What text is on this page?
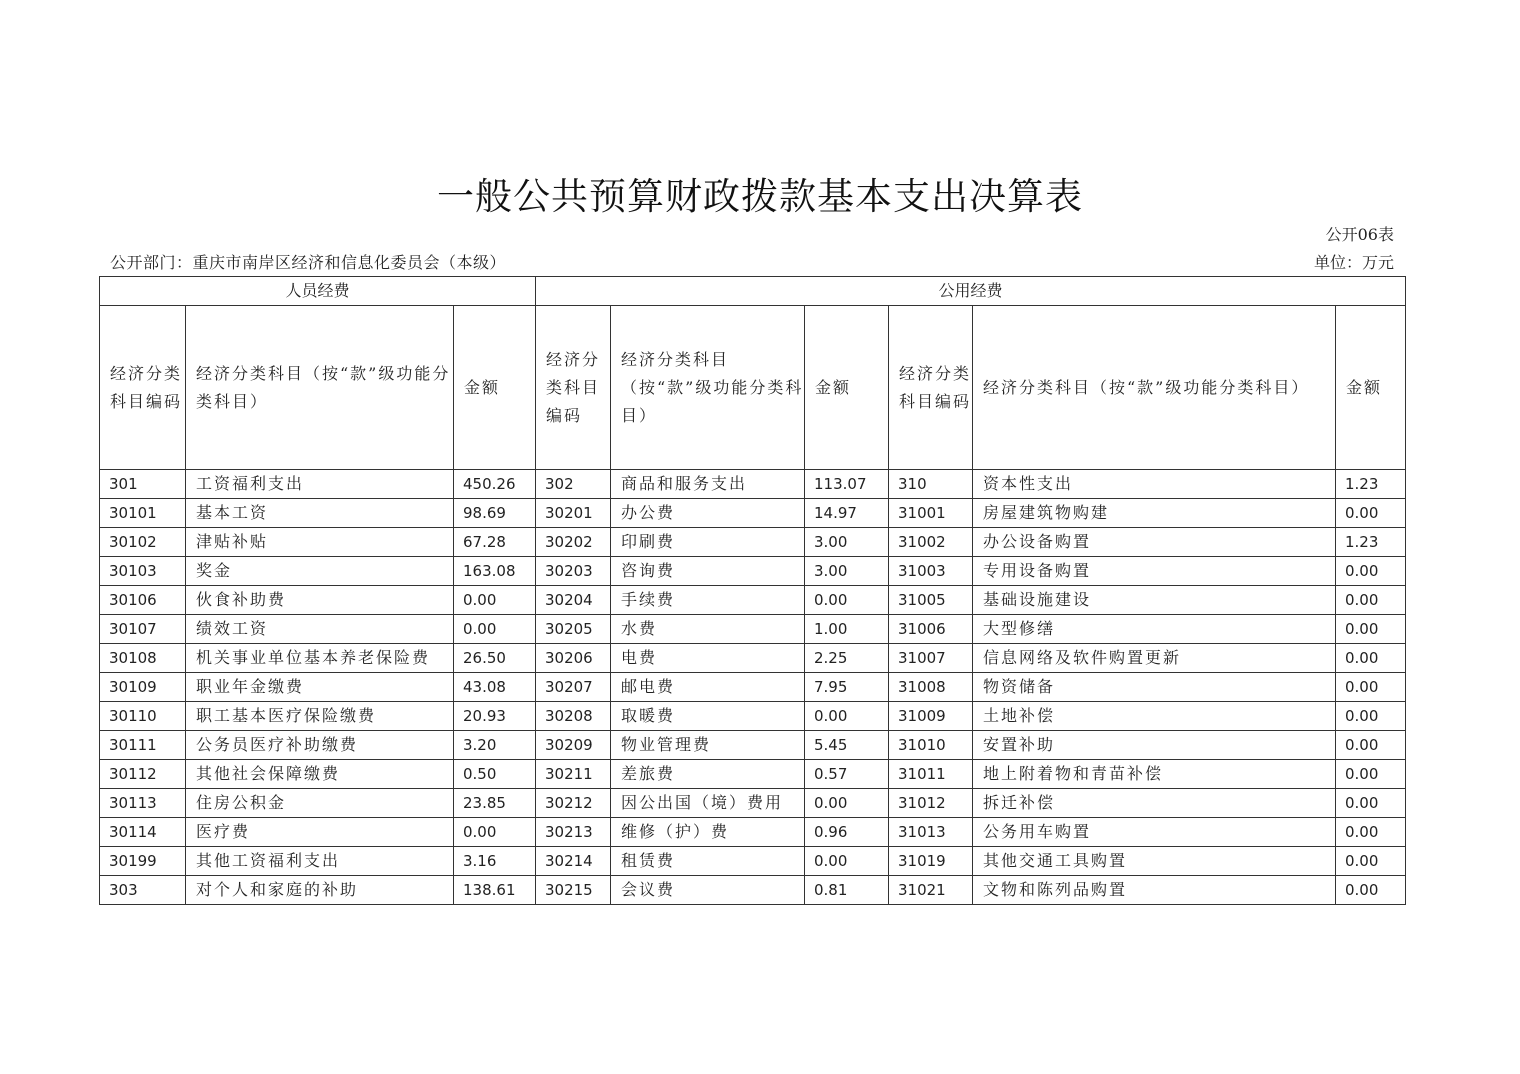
一般公共预算财政拨款基本支出决算表
公开06表
公开部门：重庆市南岸区经济和信息化委员会（本级）	单位：万元
人员经费			公用经费					
经济分类科目编码	经济分类科目（按“款”级功能分类科目）	金额	经济分类科目编码	经济分类科目（按“款”级功能分类科目）	金额	经济分类科目编码	经济分类科目（按“款”级功能分类科目）	金额
301	工资福利支出	450.26	302	商品和服务支出	113.07	310	资本性支出	1.23
30101	基本工资	98.69	30201	办公费	14.97	31001	房屋建筑物购建	0.00
30102	津贴补贴	67.28	30202	印刷费	3.00	31002	办公设备购置	1.23
30103	奖金	163.08	30203	咨询费	3.00	31003	专用设备购置	0.00
30106	伙食补助费	0.00	30204	手续费	0.00	31005	基础设施建设	0.00
30107	绩效工资	0.00	30205	水费	1.00	31006	大型修缮	0.00
30108	机关事业单位基本养老保险费	26.50	30206	电费	2.25	31007	信息网络及软件购置更新	0.00
30109	职业年金缴费	43.08	30207	邮电费	7.95	31008	物资储备	0.00
30110	职工基本医疗保险缴费	20.93	30208	取暖费	0.00	31009	土地补偿	0.00
30111	公务员医疗补助缴费	3.20	30209	物业管理费	5.45	31010	安置补助	0.00
30112	其他社会保障缴费	0.50	30211	差旅费	0.57	31011	地上附着物和青苗补偿	0.00
30113	住房公积金	23.85	30212	因公出国（境）费用	0.00	31012	拆迁补偿	0.00
30114	医疗费	0.00	30213	维修（护）费	0.96	31013	公务用车购置	0.00
30199	其他工资福利支出	3.16	30214	租赁费	0.00	31019	其他交通工具购置	0.00
303	对个人和家庭的补助	138.61	30215	会议费	0.81	31021	文物和陈列品购置	0.00
